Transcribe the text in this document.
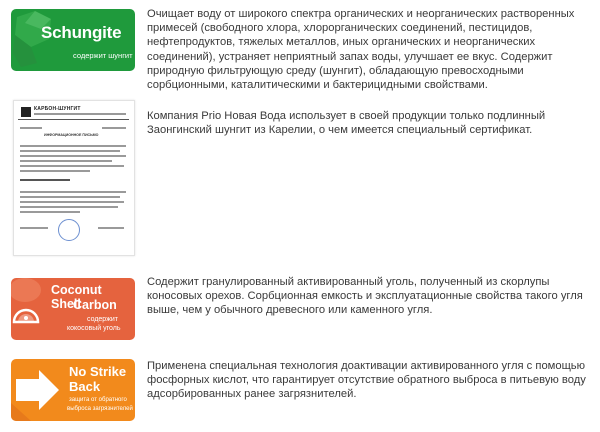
Schungite
содержит шунгит
Очищает воду от широкого спектра органических и неорганических растворенных примесей (свободного хлора, хлорорганических соединений, пестицидов, нефтепродуктов, тяжелых металлов, иных органических и неорганических соединений), устраняет неприятный запах воды, улучшает ее вкус. Содержит природную фильтрующую среду (шунгит), обладающую превосходными сорбционными, каталитическими и бактерицидными свойствами.
КАРБОН-ШУНГИТ
ИНФОРМАЦИОННОЕ ПИСЬМО
Компания Prio Новая Вода использует в своей продукции только подлинный Заонгинский шунгит из Карелии, о чем имеется специальный сертификат.
Coconut Shell
Carbon
содержит
кокосовый уголь
Содержит гранулированный активированный уголь, полученный из скорлупы коносовых орехов. Сорбционная емкость и эксплуатационные свойства такого угля выше, чем у обычного древесного или каменного угля.
No Strike
Back
защита от обратного
выброса загрязнителей
Применена специальная технология доактивации активированного угля с помощью фосфорных кислот, что гарантирует отсутствие обратного выброса в питьевую воду адсорбированных ранее загрязнителей.
